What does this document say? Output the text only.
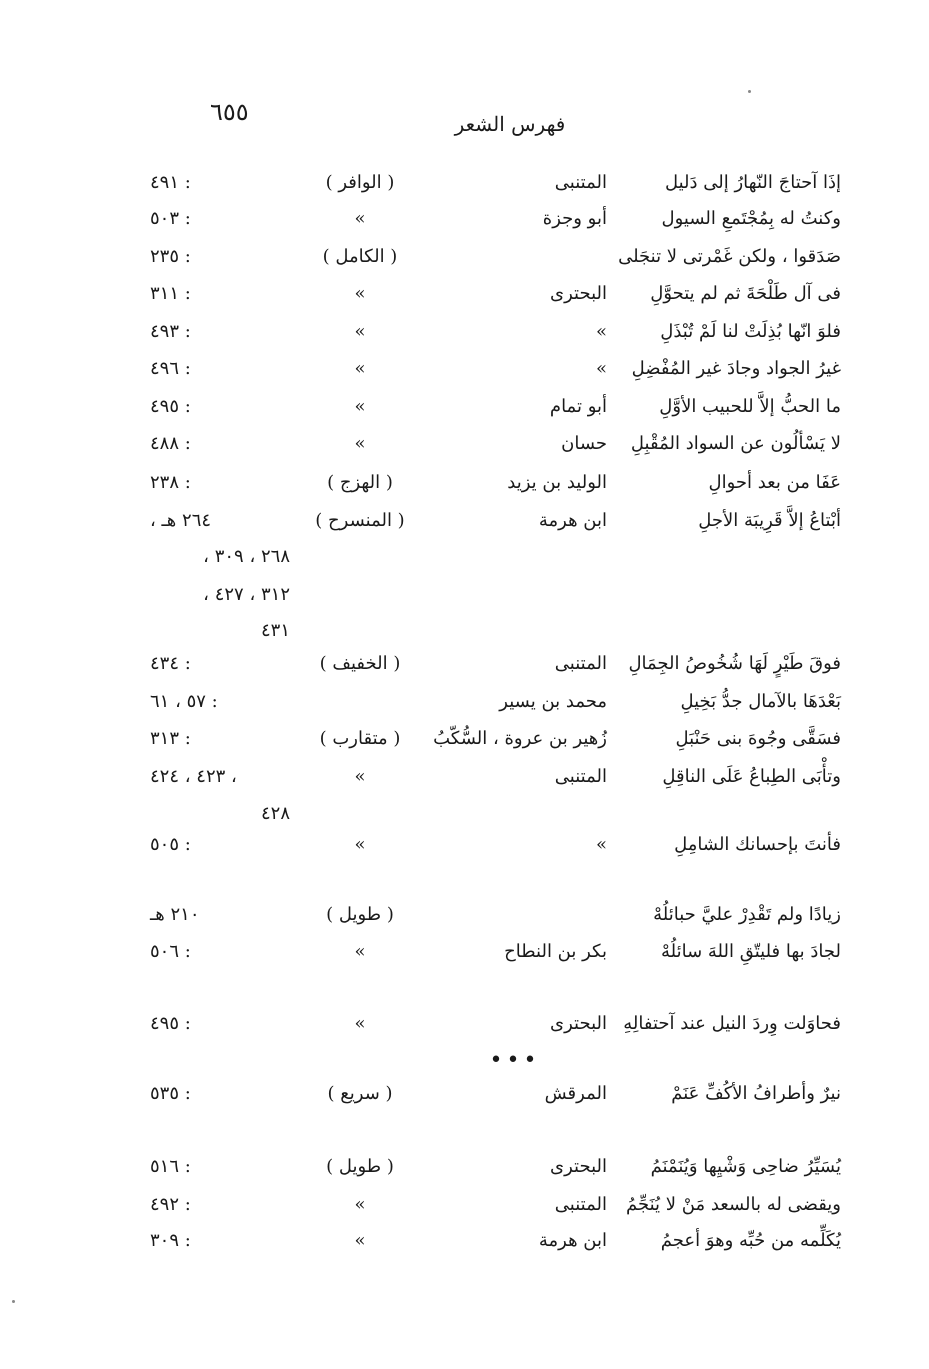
٦٥٥	فهرس الشعر
إذَا آحتاجَ النّهارُ إلى دَليل
المتنبى
( الوافر )
٤٩١ :
وكنتُ له بِمُجْتَمعِ السيول
أبو وجزة
»
٥٠٣ :
صَدَقوا ، ولكن غَمْرتى لا تنجَلى
( الكامل )
٢٣٥ :
فى آل طَلْحَةَ ثم لم يتحوَّلِ
البحترى
»
٣١١ :
فلوَ انّها بُذِلَتْ لنا لَمْ تُبْذَلِ
»
»
٤٩٣ :
غيرُ الجواد وجادَ غير المُفْضِلِ
»
»
٤٩٦ :
ما الحبُّ إلاَّ للحبيب الأوَّلِ
أبو تمام
»
٤٩٥ :
لا يَسْألُون عن السواد المُقْبِلِ
حسان
»
٤٨٨ :
عَفَا من بعد أحوالِ
الوليد بن يزيد
( الهزج )
٢٣٨ :
أبْتاعُ إلاَّ قَرِيبَة الأجلِ
ابن هرمة
( المنسرح )
٢٦٤ هـ ،
٢٦٨ ، ٣٠٩ ،
٣١٢ ، ٤٢٧ ،
٤٣١
فوقَ طَيْرٍ لَهَا شُخُوصُ الجِمَالِ
المتنبى
( الخفيف )
٤٣٤ :
بَعْدَهَا بالآمال جدُّ بَخِيلِ
محمد بن يسير
٥٧ ، ٦١ :
فسَقَّى وجُوهَ بنى حَنْبَلِ
زُهير بن عروة ، السُّكّبُ
( متقارب )
٣١٣ :
وتأْبَى الطِباعُ عَلَى الناقِلِ
المتنبى
»
٤٢٣ ، ٤٢٤ ،
٤٢٨
فأنتَ بإحسانك الشامِلِ
»
»
٥٠٥ :
زيادًا ولم تَقْدِرْ عليَّ حبائلُهْ
( طويل )
٢١٠ هـ
لجادَ بها فليتّقِ اللهَ سائلُهْ
بكر بن النطاح
»
٥٠٦ :
فحاوَلت وِردَ النيل عند آحتفالِهِ
البحترى
»
٤٩٥ :
نيرٌ وأطرافُ الأكُفِّ عَنَمْ
المرقش
( سريع )
٥٣٥ :
يُسَيِّرُ ضاحِى وَشْيِها وَيُنَمْنَمُ
البحترى
( طويل )
٥١٦ :
ويقضى له بالسعد مَنْ لا يُنَجِّمُ
المتنبى
»
٤٩٢ :
يُكَلِّمه من حُبِّه وهوَ أعجمُ
ابن هرمة
»
٣٠٩ :
•••
